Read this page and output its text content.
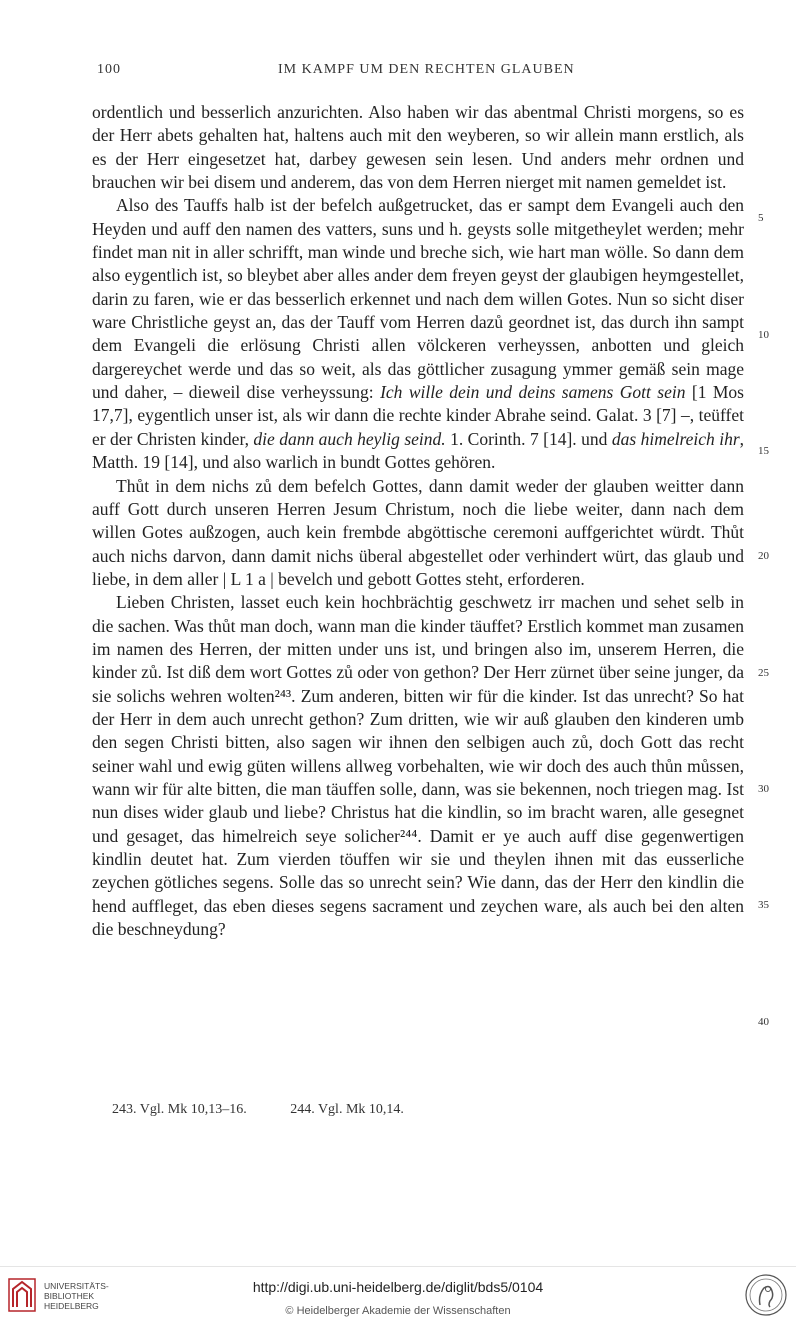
100	IM KAMPF UM DEN RECHTEN GLAUBEN

ordentlich und besserlich anzurichten. Also haben wir das abentmal Christi morgens, so es der Herr abets gehalten hat, haltens auch mit den weyberen, so wir allein mann erstlich, als es der Herr eingesetzet hat, darbey gewesen sein lesen. Und anders mehr ordnen und brauchen wir bei disem und anderem, das von dem Herren nierget mit namen gemeldet ist.

Also des Tauffs halb ist der befelch außgetrucket, das er sampt dem Evangeli auch den Heyden und auff den namen des vatters, suns und h. geysts solle mitgetheylet werden; mehr findet man nit in aller schrifft, man winde und breche sich, wie hart man wölle. So dann dem also eygentlich ist, so bleybet aber alles ander dem freyen geyst der glaubigen heymgestellet, darin zu faren, wie er das besserlich erkennet und nach dem willen Gotes. Nun so sicht diser ware Christliche geyst an, das der Tauff vom Herren dazů geordnet ist, das durch ihn sampt dem Evangeli die erlösung Christi allen völckeren verheyssen, anbotten und gleich dargereychet werde und das so weit, als das göttlicher zusagung ymmer gemäß sein mage und daher, – dieweil dise verheyssung: Ich wille dein und deins samens Gott sein [1 Mos 17,7], eygentlich unser ist, als wir dann die rechte kinder Abrahe seind. Galat. 3 [7] –, teüffet er der Christen kinder, die dann auch heylig seind. 1. Corinth. 7 [14]. und das himelreich ihr, Matth. 19 [14], und also warlich in bundt Gottes gehören.

Thůt in dem nichs zů dem befelch Gottes, dann damit weder der glauben weitter dann auff Gott durch unseren Herren Jesum Christum, noch die liebe weiter, dann nach dem willen Gotes außzogen, auch kein frembde abgöttische ceremoni auffgerichtet würdt. Thůt auch nichs darvon, dann damit nichs überal abgestellet oder verhindert würt, das glaub und liebe, in dem aller | L 1 a | bevelch und gebott Gottes steht, erforderen.

Lieben Christen, lasset euch kein hochbrächtig geschwetz irr machen und sehet selb in die sachen. Was thůt man doch, wann man die kinder täuffet? Erstlich kommet man zusamen im namen des Herren, der mitten under uns ist, und bringen also im, unserem Herren, die kinder zů. Ist diß dem wort Gottes zů oder von gethon? Der Herr zürnet über seine junger, da sie solichs wehren wolten²⁴³. Zum anderen, bitten wir für die kinder. Ist das unrecht? So hat der Herr in dem auch unrecht gethon? Zum dritten, wie wir auß glauben den kinderen umb den segen Christi bitten, also sagen wir ihnen den selbigen auch zů, doch Gott das recht seiner wahl und ewig güten willens allweg vorbehalten, wie wir doch des auch thůn můssen, wann wir für alte bitten, die man täuffen solle, dann, was sie bekennen, noch triegen mag. Ist nun dises wider glaub und liebe? Christus hat die kindlin, so im bracht waren, alle gesegnet und gesaget, das himelreich seye solicher²⁴⁴. Damit er ye auch auff dise gegenwertigen kindlin deutet hat. Zum vierden töuffen wir sie und theylen ihnen mit das eusserliche zeychen götliches segens. Solle das so unrecht sein? Wie dann, das der Herr den kindlin die hend auffleget, das eben dieses segens sacrament und zeychen ware, als auch bei den alten die beschneydung?

5
10
15
20
25
30
35
40
243. Vgl. Mk 10,13–16.	244. Vgl. Mk 10,14.
UNIVERSITÄTS-
BIBLIOTHEK
HEIDELBERG
http://digi.ub.uni-heidelberg.de/diglit/bds5/0104
© Heidelberger Akademie der Wissenschaften
